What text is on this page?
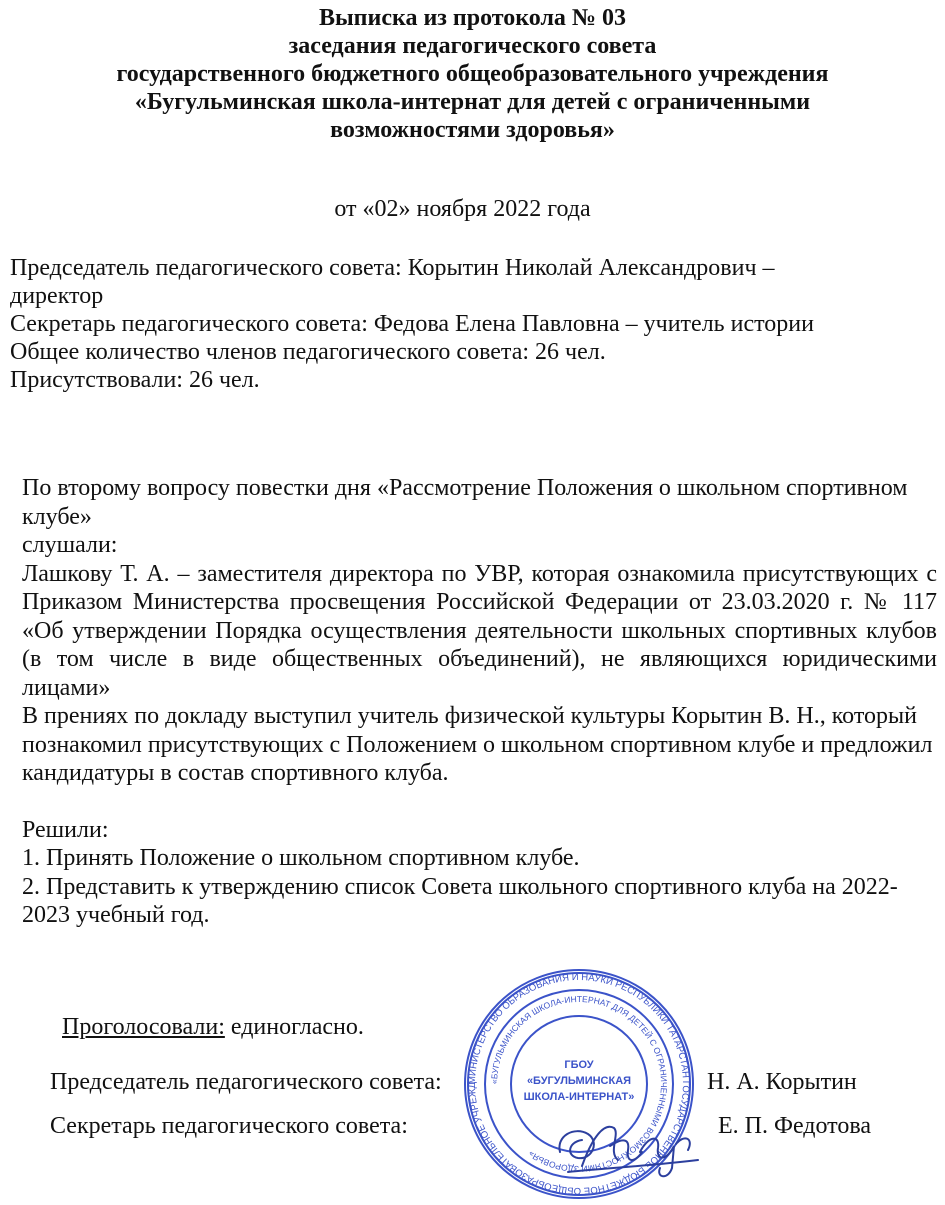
Выписка из протокола № 03
заседания педагогического совета
государственного бюджетного общеобразовательного учреждения
«Бугульминская школа-интернат для детей с ограниченными
возможностями здоровья»
от «02» ноября 2022 года
Председатель педагогического совета: Корытин Николай Александрович –
директор
Секретарь педагогического совета: Федова Елена Павловна – учитель истории
Общее количество членов педагогического совета: 26 чел.
Присутствовали: 26 чел.
По второму вопросу повестки дня «Рассмотрение Положения о школьном спортивном клубе»
слушали:
Лашкову Т. А. – заместителя директора по УВР, которая ознакомила присутствующих с Приказом Министерства просвещения Российской Федерации от 23.03.2020 г. № 117 «Об утверждении Порядка осуществления деятельности школьных спортивных клубов (в том числе в виде общественных объединений), не являющихся юридическими лицами»
В прениях по докладу выступил учитель физической культуры Корытин В. Н., который познакомил присутствующих с Положением о школьном спортивном клубе и предложил кандидатуры в состав спортивного клуба.
Решили:
1. Принять Положение о школьном спортивном клубе.
2. Представить к утверждению список Совета школьного спортивного клуба на 2022-2023 учебный год.
Проголосовали: единогласно.
МИНИСТЕРСТВО ОБРАЗОВАНИЯ И НАУКИ РЕСПУБЛИКИ ТАТАРСТАН ГОСУДАРСТВЕННОЕ БЮДЖЕТНОЕ ОБЩЕОБРАЗОВАТЕЛЬНОЕ УЧРЕЖД
«БУГУЛЬМИНСКАЯ ШКОЛА-ИНТЕРНАТ ДЛЯ ДЕТЕЙ С ОГРАНИЧЕННЫМИ ВОЗМОЖНОСТЯМИ ЗДОРОВЬЯ»
ГБОУ
«БУГУЛЬМИНСКАЯ
ШКОЛА-ИНТЕРНАТ»
Председатель педагогического совета:	Н. А. Корытин
Секретарь педагогического совета:	Е. П. Федотова
